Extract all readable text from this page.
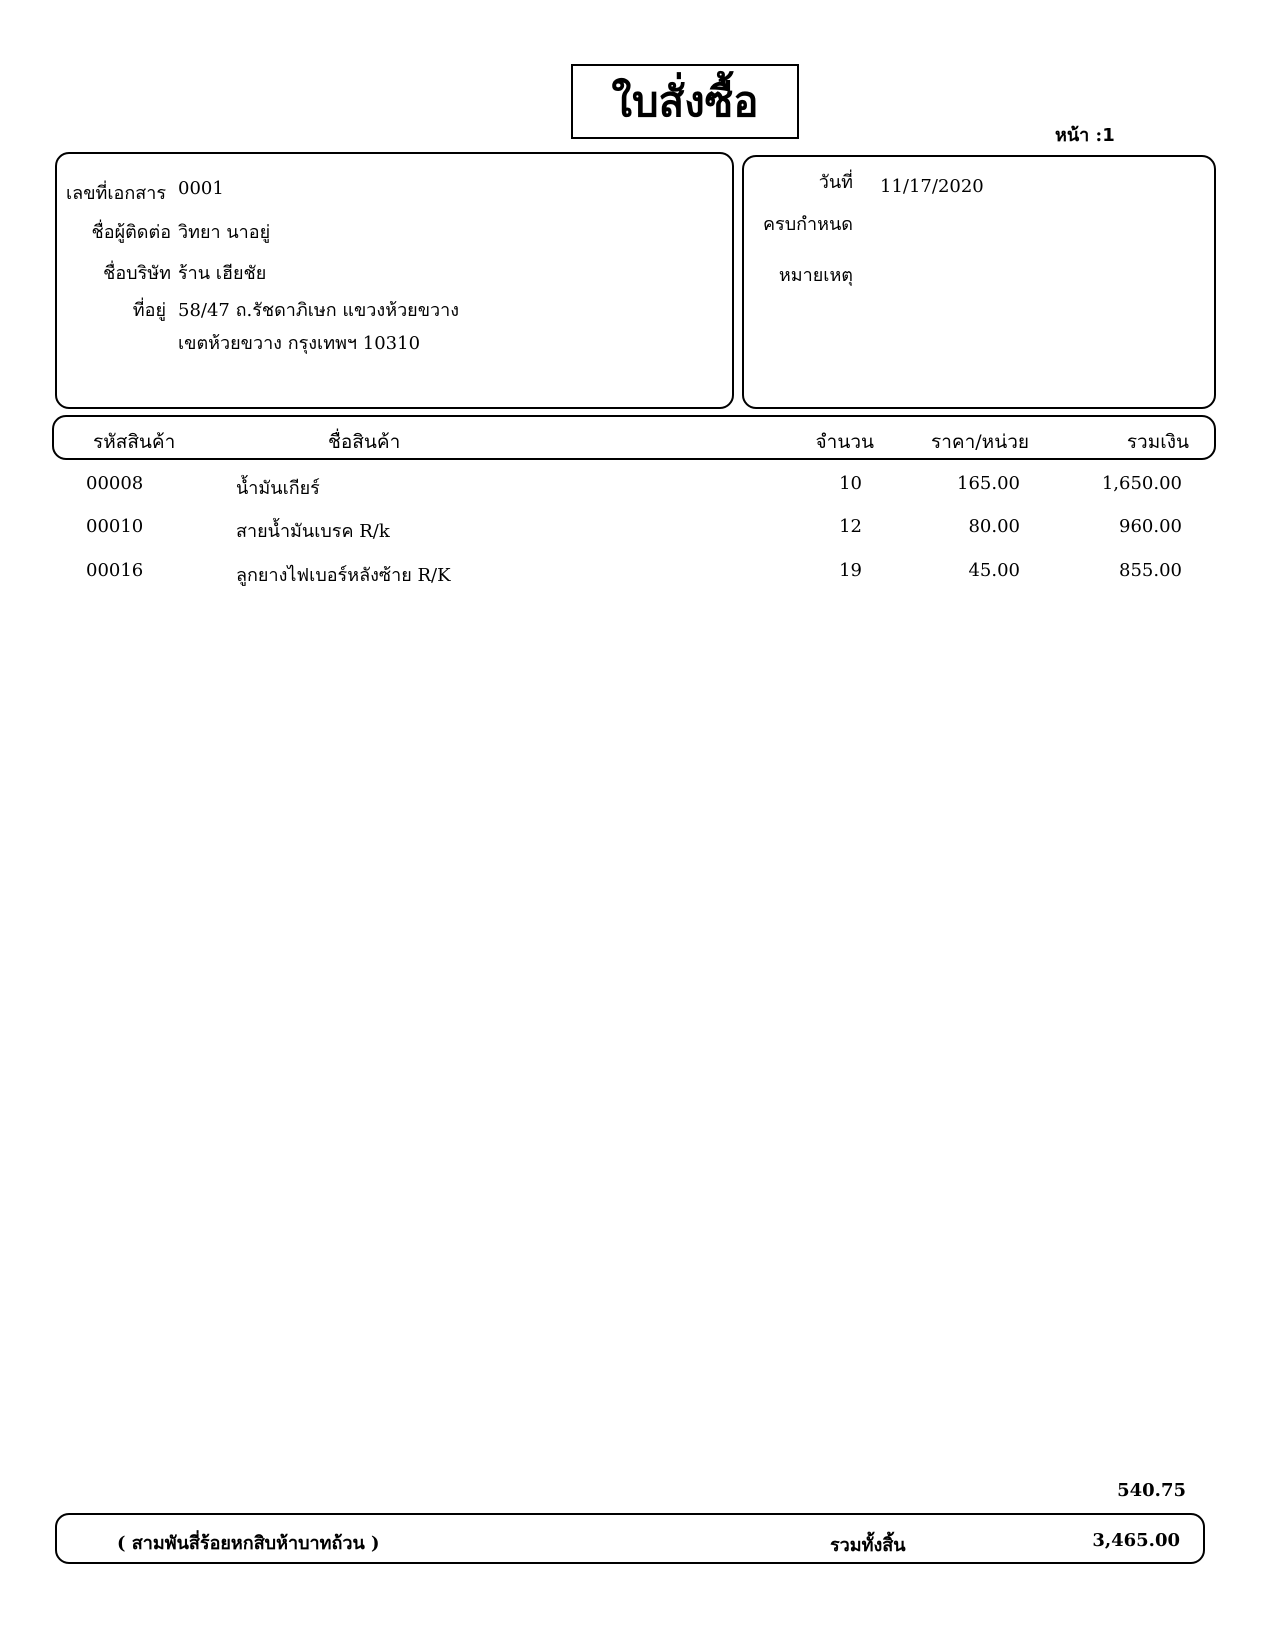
ใบสั่งซื้อ
หน้า :1
เลขที่เอกสาร 0001
ชื่อผู้ติดต่อ วิทยา นาอยู่
ชื่อบริษัท ร้าน เฮียชัย
ที่อยู่ 58/47 ถ.รัชดาภิเษก แขวงห้วยขวาง
เขตห้วยขวาง กรุงเทพฯ 10310
วันที่ 11/17/2020
ครบกำหนด
หมายเหตุ
รหัสสินค้า	ชื่อสินค้า	จำนวน	ราคา/หน่วย	รวมเงิน
00008	น้ำมันเกียร์	10	165.00	1,650.00
00010	สายน้ำมันเบรค R/k	12	80.00	960.00
00016	ลูกยางไฟเบอร์หลังซ้าย R/K	19	45.00	855.00
540.75
( สามพันสี่ร้อยหกสิบห้าบาทถ้วน )	รวมทั้งสิ้น	3,465.00
